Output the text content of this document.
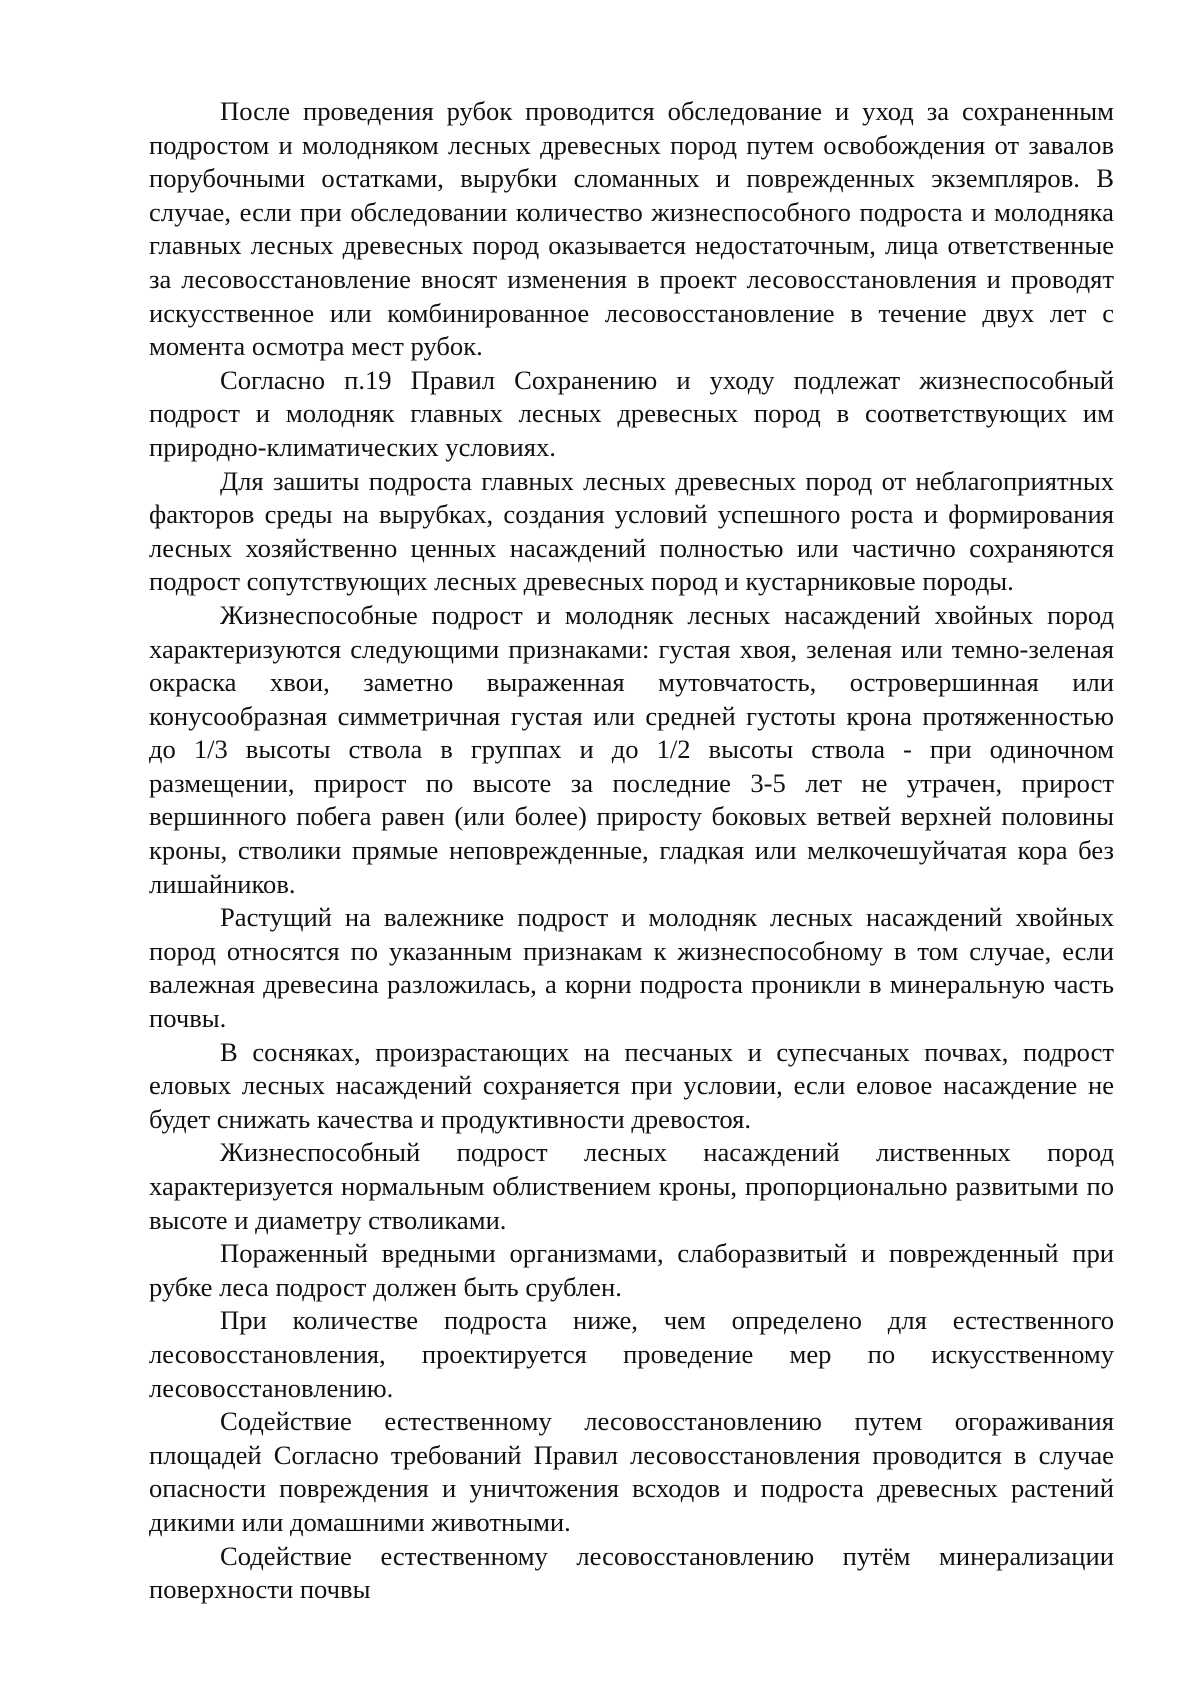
После проведения рубок проводится обследование и уход за сохраненным подростом и молодняком лесных древесных пород путем освобождения от завалов порубочными остатками, вырубки сломанных и поврежденных экземпляров. В случае, если при обследовании количество жизнеспособного подроста и молодняка главных лесных древесных пород оказывается недостаточным, лица ответственные за лесовосстановление вносят изменения в проект лесовосстановления и проводят искусственное или комбинированное лесовосстановление в течение двух лет с момента осмотра мест рубок.

Согласно п.19 Правил Сохранению и уходу подлежат жизнеспособный подрост и молодняк главных лесных древесных пород в соответствующих им природно-климатических условиях.

Для зашиты подроста главных лесных древесных пород от неблагоприятных факторов среды на вырубках, создания условий успешного роста и формирования лесных хозяйственно ценных насаждений полностью или частично сохраняются подрост сопутствующих лесных древесных пород и кустарниковые породы.

Жизнеспособные подрост и молодняк лесных насаждений хвойных пород характеризуются следующими признаками: густая хвоя, зеленая или темно-зеленая окраска хвои, заметно выраженная мутовчатость, островершинная или конусообразная симметричная густая или средней густоты крона протяженностью до 1/3 высоты ствола в группах и до 1/2 высоты ствола - при одиночном размещении, прирост по высоте за последние 3-5 лет не утрачен, прирост вершинного побега равен (или более) приросту боковых ветвей верхней половины кроны, стволики прямые неповрежденные, гладкая или мелкочешуйчатая кора без лишайников.

Растущий на валежнике подрост и молодняк лесных насаждений хвойных пород относятся по указанным признакам к жизнеспособному в том случае, если валежная древесина разложилась, а корни подроста проникли в минеральную часть почвы.

В сосняках, произрастающих на песчаных и супесчаных почвах, подрост еловых лесных насаждений сохраняется при условии, если еловое насаждение не будет снижать качества и продуктивности древостоя.

Жизнеспособный подрост лесных насаждений лиственных пород характеризуется нормальным облиствением кроны, пропорционально развитыми по высоте и диаметру стволиками.

Пораженный вредными организмами, слаборазвитый и поврежденный при рубке леса подрост должен быть срублен.

При количестве подроста ниже, чем определено для естественного лесовосстановления, проектируется проведение мер по искусственному лесовосстановлению.

Содействие естественному лесовосстановлению путем огораживания площадей Согласно требований Правил лесовосстановления проводится в случае опасности повреждения и уничтожения всходов и подроста древесных растений дикими или домашними животными.

Содействие естественному лесовосстановлению путём минерализации поверхности почвы
